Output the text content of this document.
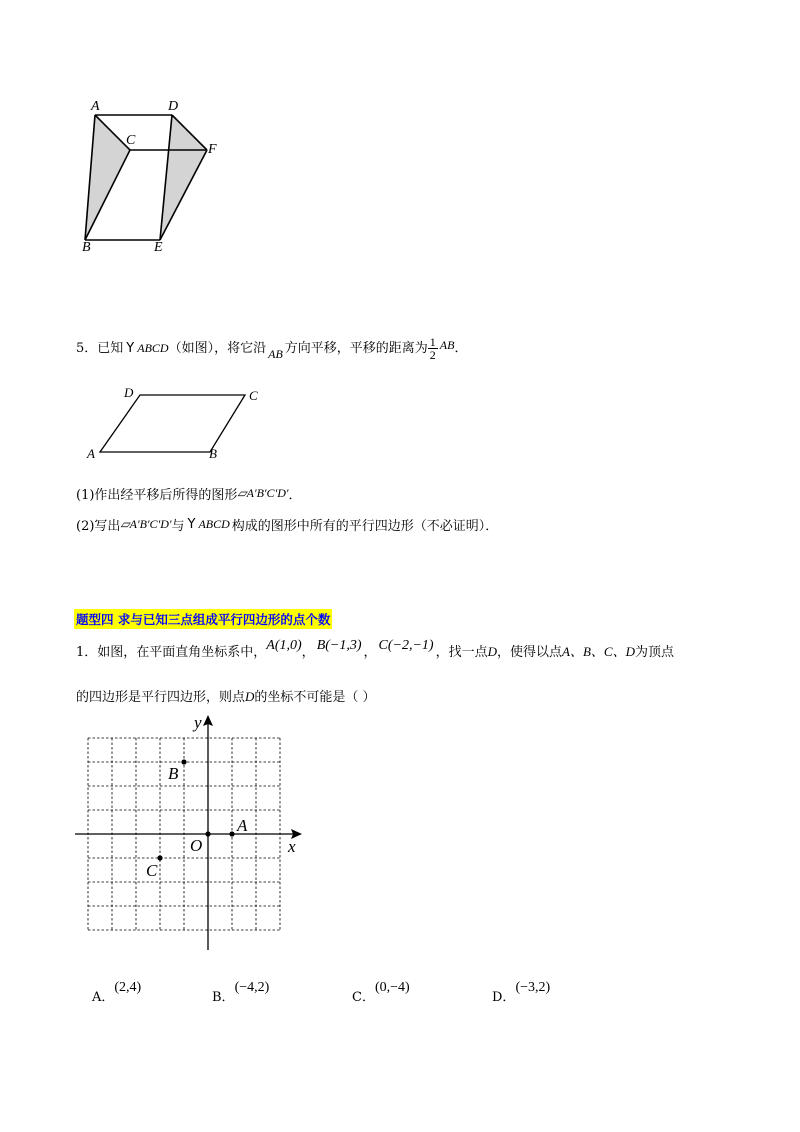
A	D
C
F
B	E
5．已知 Y ABCD（如图），将它沿 AB 方向平移，平移的距离为 $\frac{1}{2}$ AB．
D	C
A	B
(1)作出经平移后所得的图形▱A′B′C′D′．
(2)写出▱A′B′C′D′与 Y ABCD 构成的图形中所有的平行四边形（不必证明）．
题型四 求与已知三点组成平行四边形的点个数
1．如图，在平面直角坐标系中，A(1,0)， B(−1,3) ， C(−2,−1) ，找一点D，使得以点A、B、C、D为顶点
的四边形是平行四边形，则点D的坐标不可能是（ ）
x
y
O
A
B
C
A．(2,4)
B．(−4,2)
C．(0,−4)
D．(−3,2)
